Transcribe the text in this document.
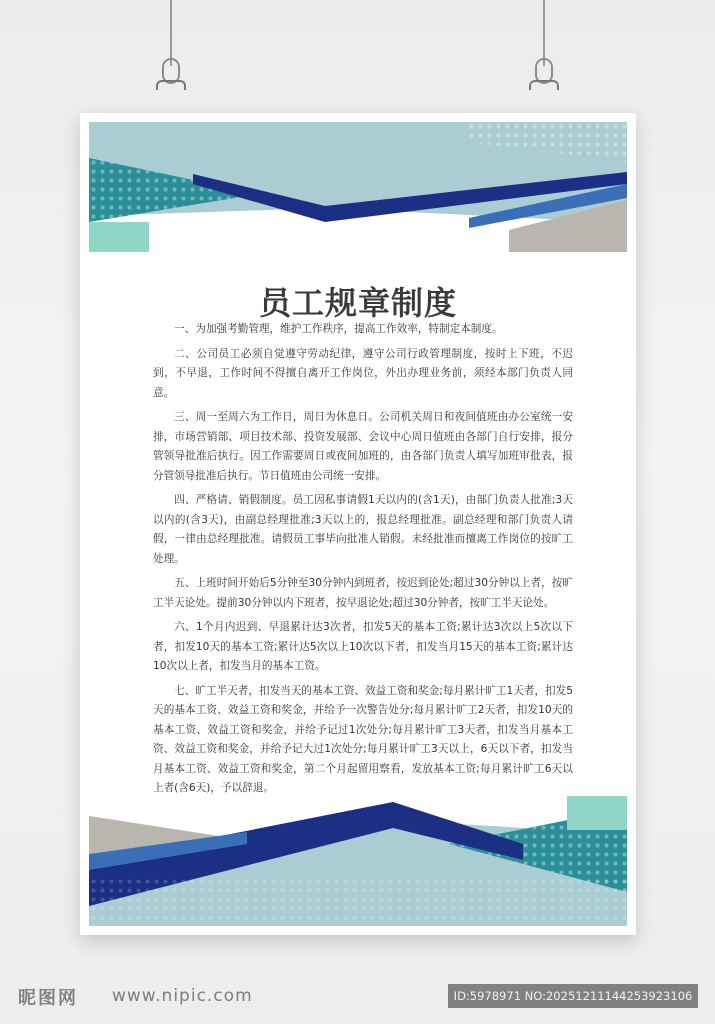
员工规章制度

一、为加强考勤管理，维护工作秩序，提高工作效率，特制定本制度。

二、公司员工必须自觉遵守劳动纪律，遵守公司行政管理制度，按时上下班，不迟到，不早退，工作时间不得擅自离开工作岗位，外出办理业务前，须经本部门负责人同意。

三、周一至周六为工作日，周日为休息日。公司机关周日和夜间值班由办公室统一安排，市场营销部、项目技术部、投资发展部、会议中心周日值班由各部门自行安排，报分管领导批准后执行。因工作需要周日或夜间加班的，由各部门负责人填写加班审批表，报分管领导批准后执行。节日值班由公司统一安排。

四、严格请、销假制度。员工因私事请假1天以内的(含1天)，由部门负责人批准;3天以内的(含3天)，由副总经理批准;3天以上的，报总经理批准。副总经理和部门负责人请假，一律由总经理批准。请假员工事毕向批准人销假。未经批准而擅离工作岗位的按旷工处理。

五、上班时间开始后5分钟至30分钟内到班者，按迟到论处;超过30分钟以上者，按旷工半天论处。提前30分钟以内下班者，按早退论处;超过30分钟者，按旷工半天论处。

六、1个月内迟到、早退累计达3次者，扣发5天的基本工资;累计达3次以上5次以下者，扣发10天的基本工资;累计达5次以上10次以下者，扣发当月15天的基本工资;累计达10次以上者，扣发当月的基本工资。

七、旷工半天者，扣发当天的基本工资、效益工资和奖金;每月累计旷工1天者，扣发5天的基本工资、效益工资和奖金，并给予一次警告处分;每月累计旷工2天者，扣发10天的基本工资、效益工资和奖金，并给予记过1次处分;每月累计旷工3天者，扣发当月基本工资、效益工资和奖金，并给予记大过1次处分;每月累计旷工3天以上，6天以下者，扣发当月基本工资、效益工资和奖金，第二个月起留用察看，发放基本工资;每月累计旷工6天以上者(含6天)，予以辞退。

昵图网 www.nipic.com	ID:5978971 NO:20251211144253923106
